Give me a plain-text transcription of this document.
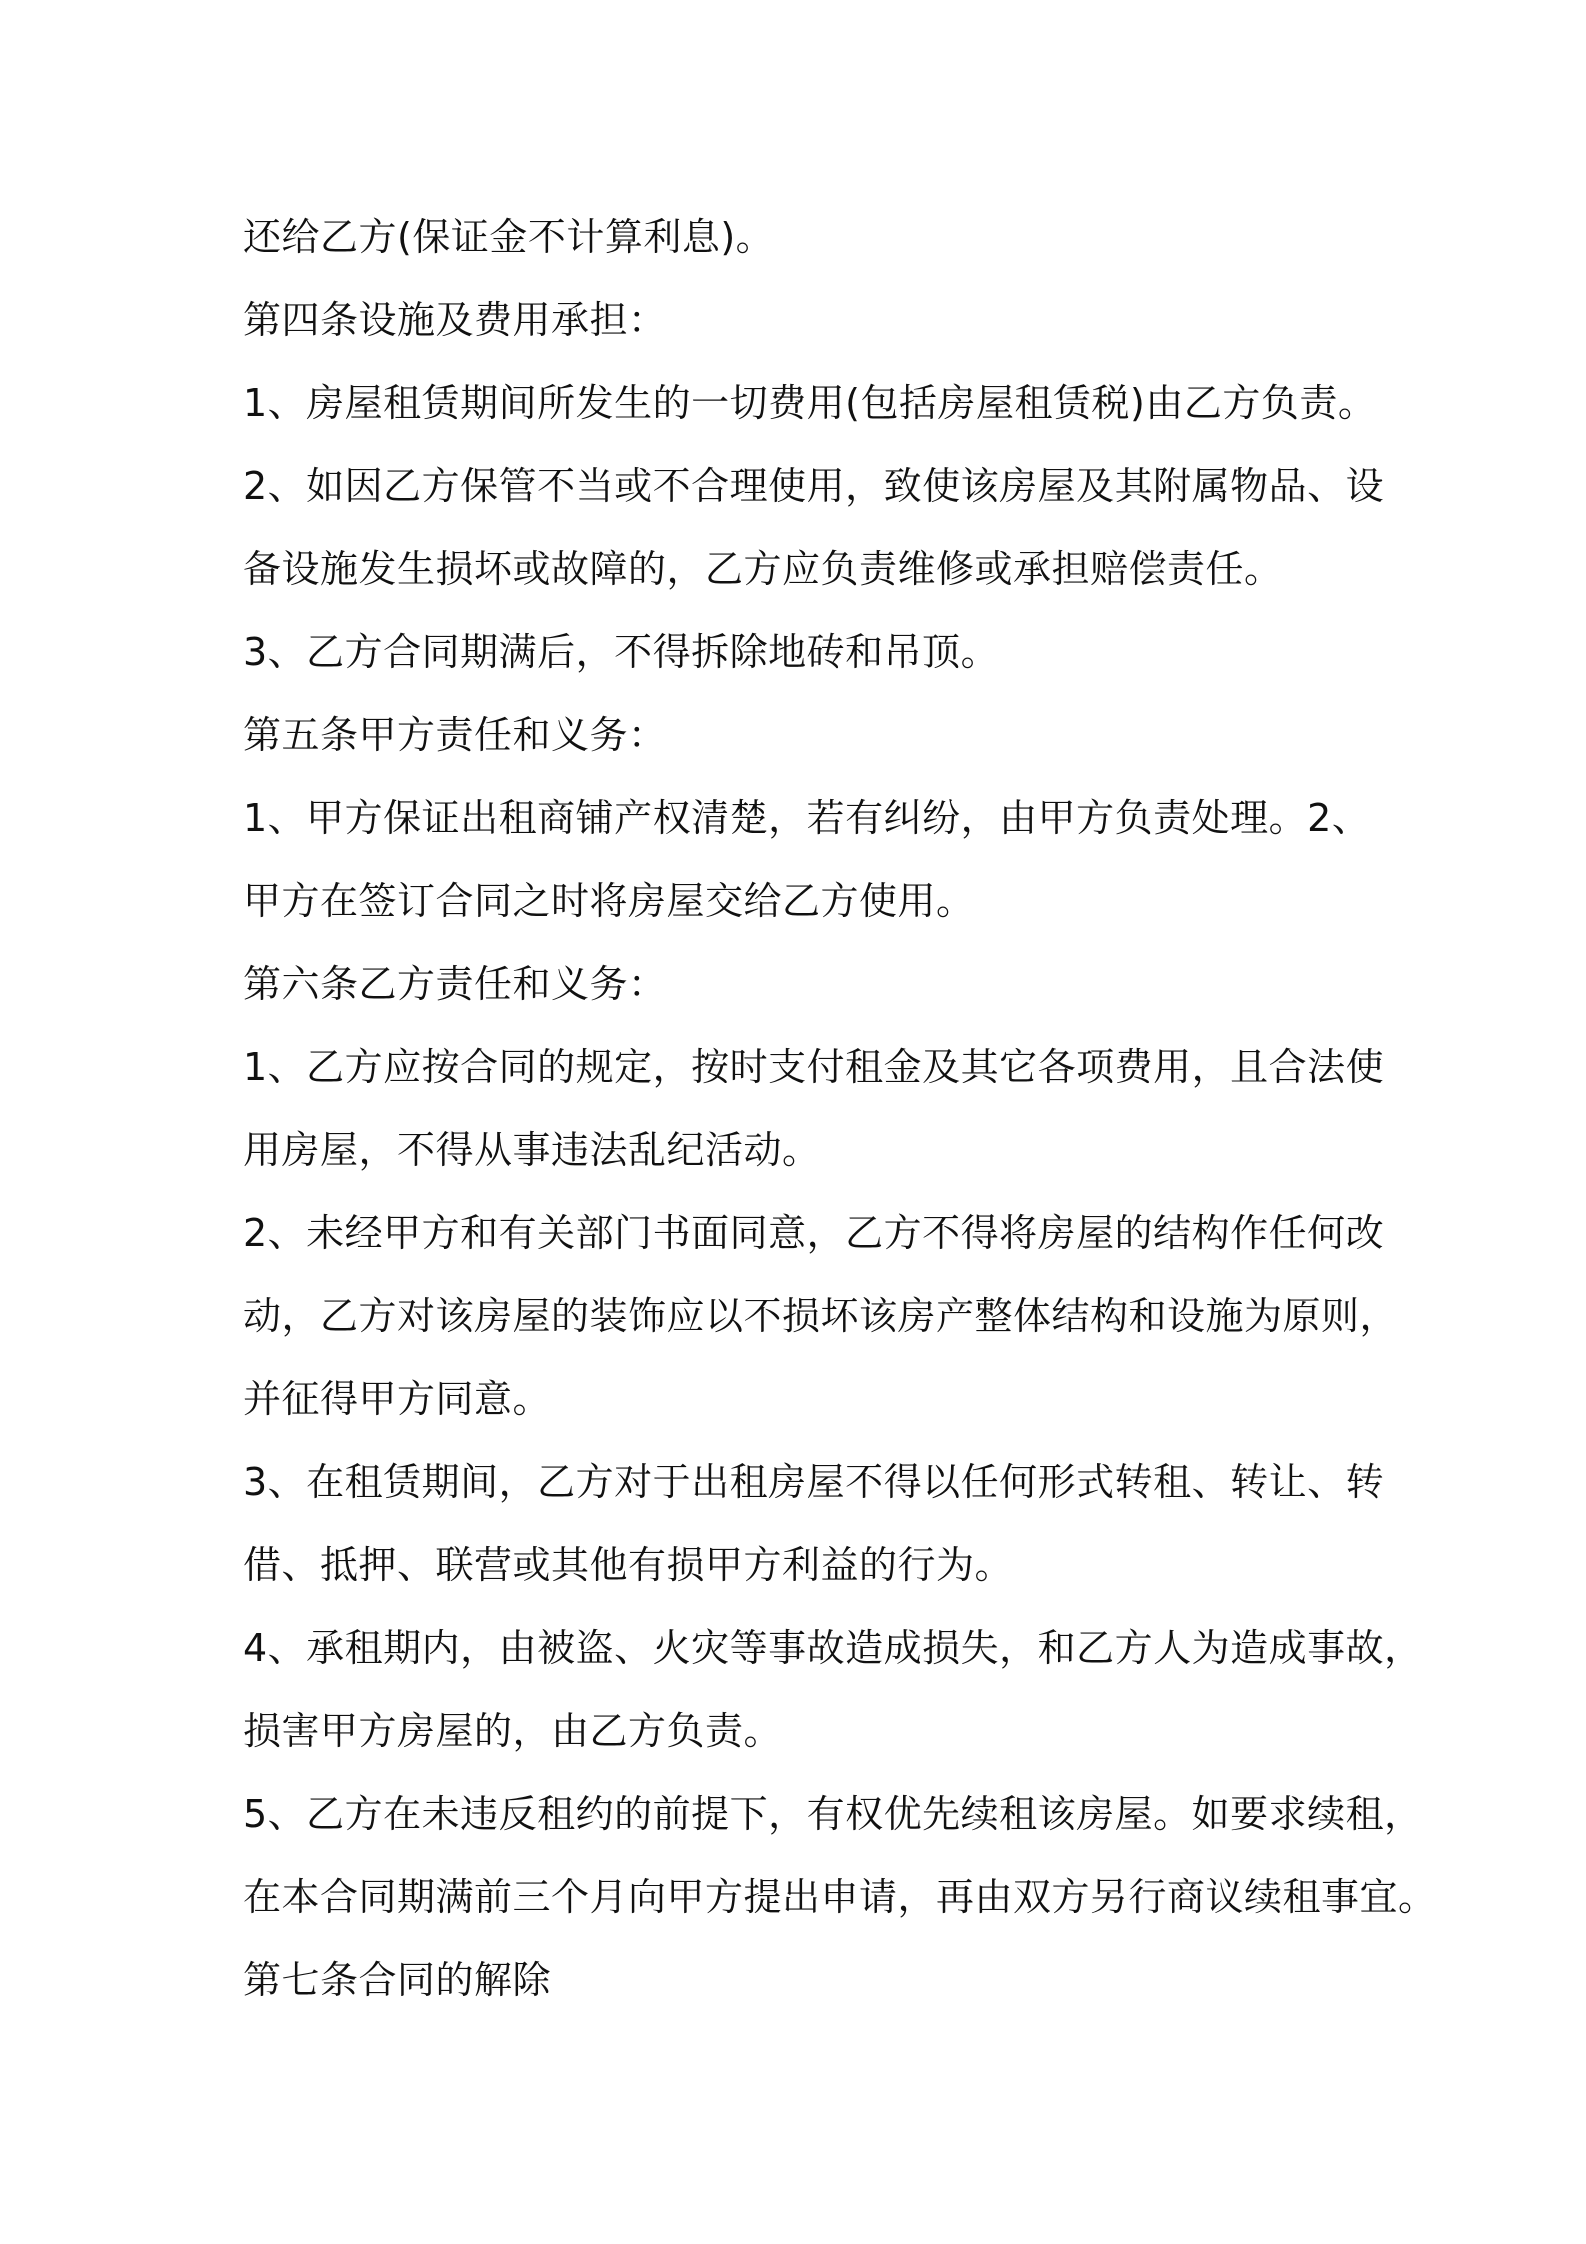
还给乙方(保证金不计算利息)。
第四条设施及费用承担：
1、房屋租赁期间所发生的一切费用(包括房屋租赁税)由乙方负责。
2、如因乙方保管不当或不合理使用，致使该房屋及其附属物品、设
备设施发生损坏或故障的，乙方应负责维修或承担赔偿责任。
3、乙方合同期满后，不得拆除地砖和吊顶。
第五条甲方责任和义务：
1、甲方保证出租商铺产权清楚，若有纠纷，由甲方负责处理。2、
甲方在签订合同之时将房屋交给乙方使用。
第六条乙方责任和义务：
1、乙方应按合同的规定，按时支付租金及其它各项费用，且合法使
用房屋，不得从事违法乱纪活动。
2、未经甲方和有关部门书面同意，乙方不得将房屋的结构作任何改
动，乙方对该房屋的装饰应以不损坏该房产整体结构和设施为原则，
并征得甲方同意。
3、在租赁期间，乙方对于出租房屋不得以任何形式转租、转让、转
借、抵押、联营或其他有损甲方利益的行为。
4、承租期内，由被盗、火灾等事故造成损失，和乙方人为造成事故，
损害甲方房屋的，由乙方负责。
5、乙方在未违反租约的前提下，有权优先续租该房屋。如要求续租，
在本合同期满前三个月向甲方提出申请，再由双方另行商议续租事宜。
第七条合同的解除
